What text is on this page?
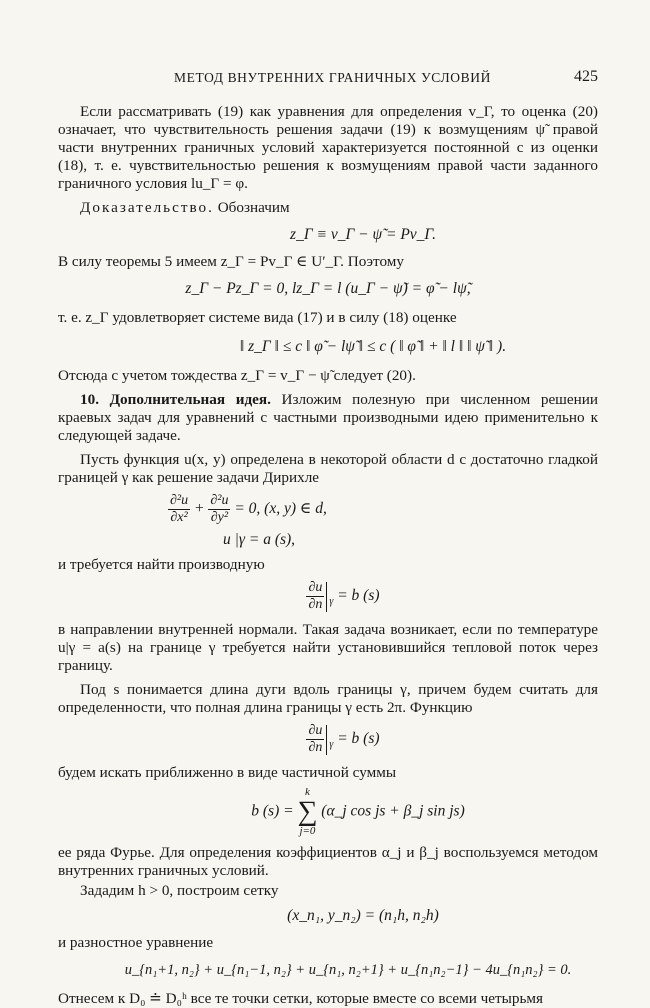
МЕТОД ВНУТРЕННИХ ГРАНИЧНЫХ УСЛОВИЙ	425

Если рассматривать (19) как уравнения для определения v_Г, то оценка (20) означает, что чувствительность решения задачи (19) к возмущениям ψ̃ правой части внутренних граничных условий характеризуется постоянной c из оценки (18), т. е. чувствительностью решения к возмущениям правой части заданного граничного условия lu_Г = φ.

Доказательство. Обозначим

z_Г ≡ v_Г − ψ̃ = Pv_Г.

В силу теоремы 5 имеем z_Г = Pv_Г ∈ U′_Г. Поэтому

z_Г − Pz_Г = 0, lz_Г = l (u_Г − ψ̃) = φ̃ − lψ̃,

т. е. z_Г удовлетворяет системе вида (17) и в силу (18) оценке

‖ z_Г ‖ ≤ c ‖ φ̃ − lψ̃ ‖ ≤ c ( ‖ φ̃ ‖ + ‖ l ‖ ‖ ψ̃ ‖ ).

Отсюда с учетом тождества z_Г = v_Г − ψ̃ следует (20).

10. Дополнительная идея. Изложим полезную при численном решении краевых задач для уравнений с частными производными идею применительно к следующей задаче.

Пусть функция u(x, y) определена в некоторой области d с достаточно гладкой границей γ как решение задачи Дирихле

$\frac{\text{∂²u}}{\text{∂x²}} + \frac{\text{∂²u}}{\text{∂y²}} = 0$, (x, y) ∈ d,
u |γ = a (s),

и требуется найти производную

$\frac{\partial u}{\partial n} _\gamma = b$ (s)

в направлении внутренней нормали. Такая задача возникает, если по температуре u|γ = a(s) на границе γ требуется найти установившийся тепловой поток через границу.

Под s понимается длина дуги вдоль границы γ, причем будем считать для определенности, что полная длина границы γ есть 2π. Функцию

$\frac{\partial u}{\partial n} _\gamma = b$ (s)

будем искать приближенно в виде частичной суммы

b (s) =
k
∑
j=0
(α_j cos js + β_j sin js)

ее ряда Фурье. Для определения коэффициентов α_j и β_j воспользуемся методом внутренних граничных условий.

Зададим h > 0, построим сетку

(x_n₁, y_n₂) = (n₁h, n₂h)

и разностное уравнение

u_{n₁+1, n₂} + u_{n₁−1, n₂} + u_{n₁, n₂+1} + u_{n₁n₂−1} − 4u_{n₁n₂} = 0.

Отнесем к D₀ ≐ D₀ʰ все те точки сетки, которые вместе со всеми четырьмя
